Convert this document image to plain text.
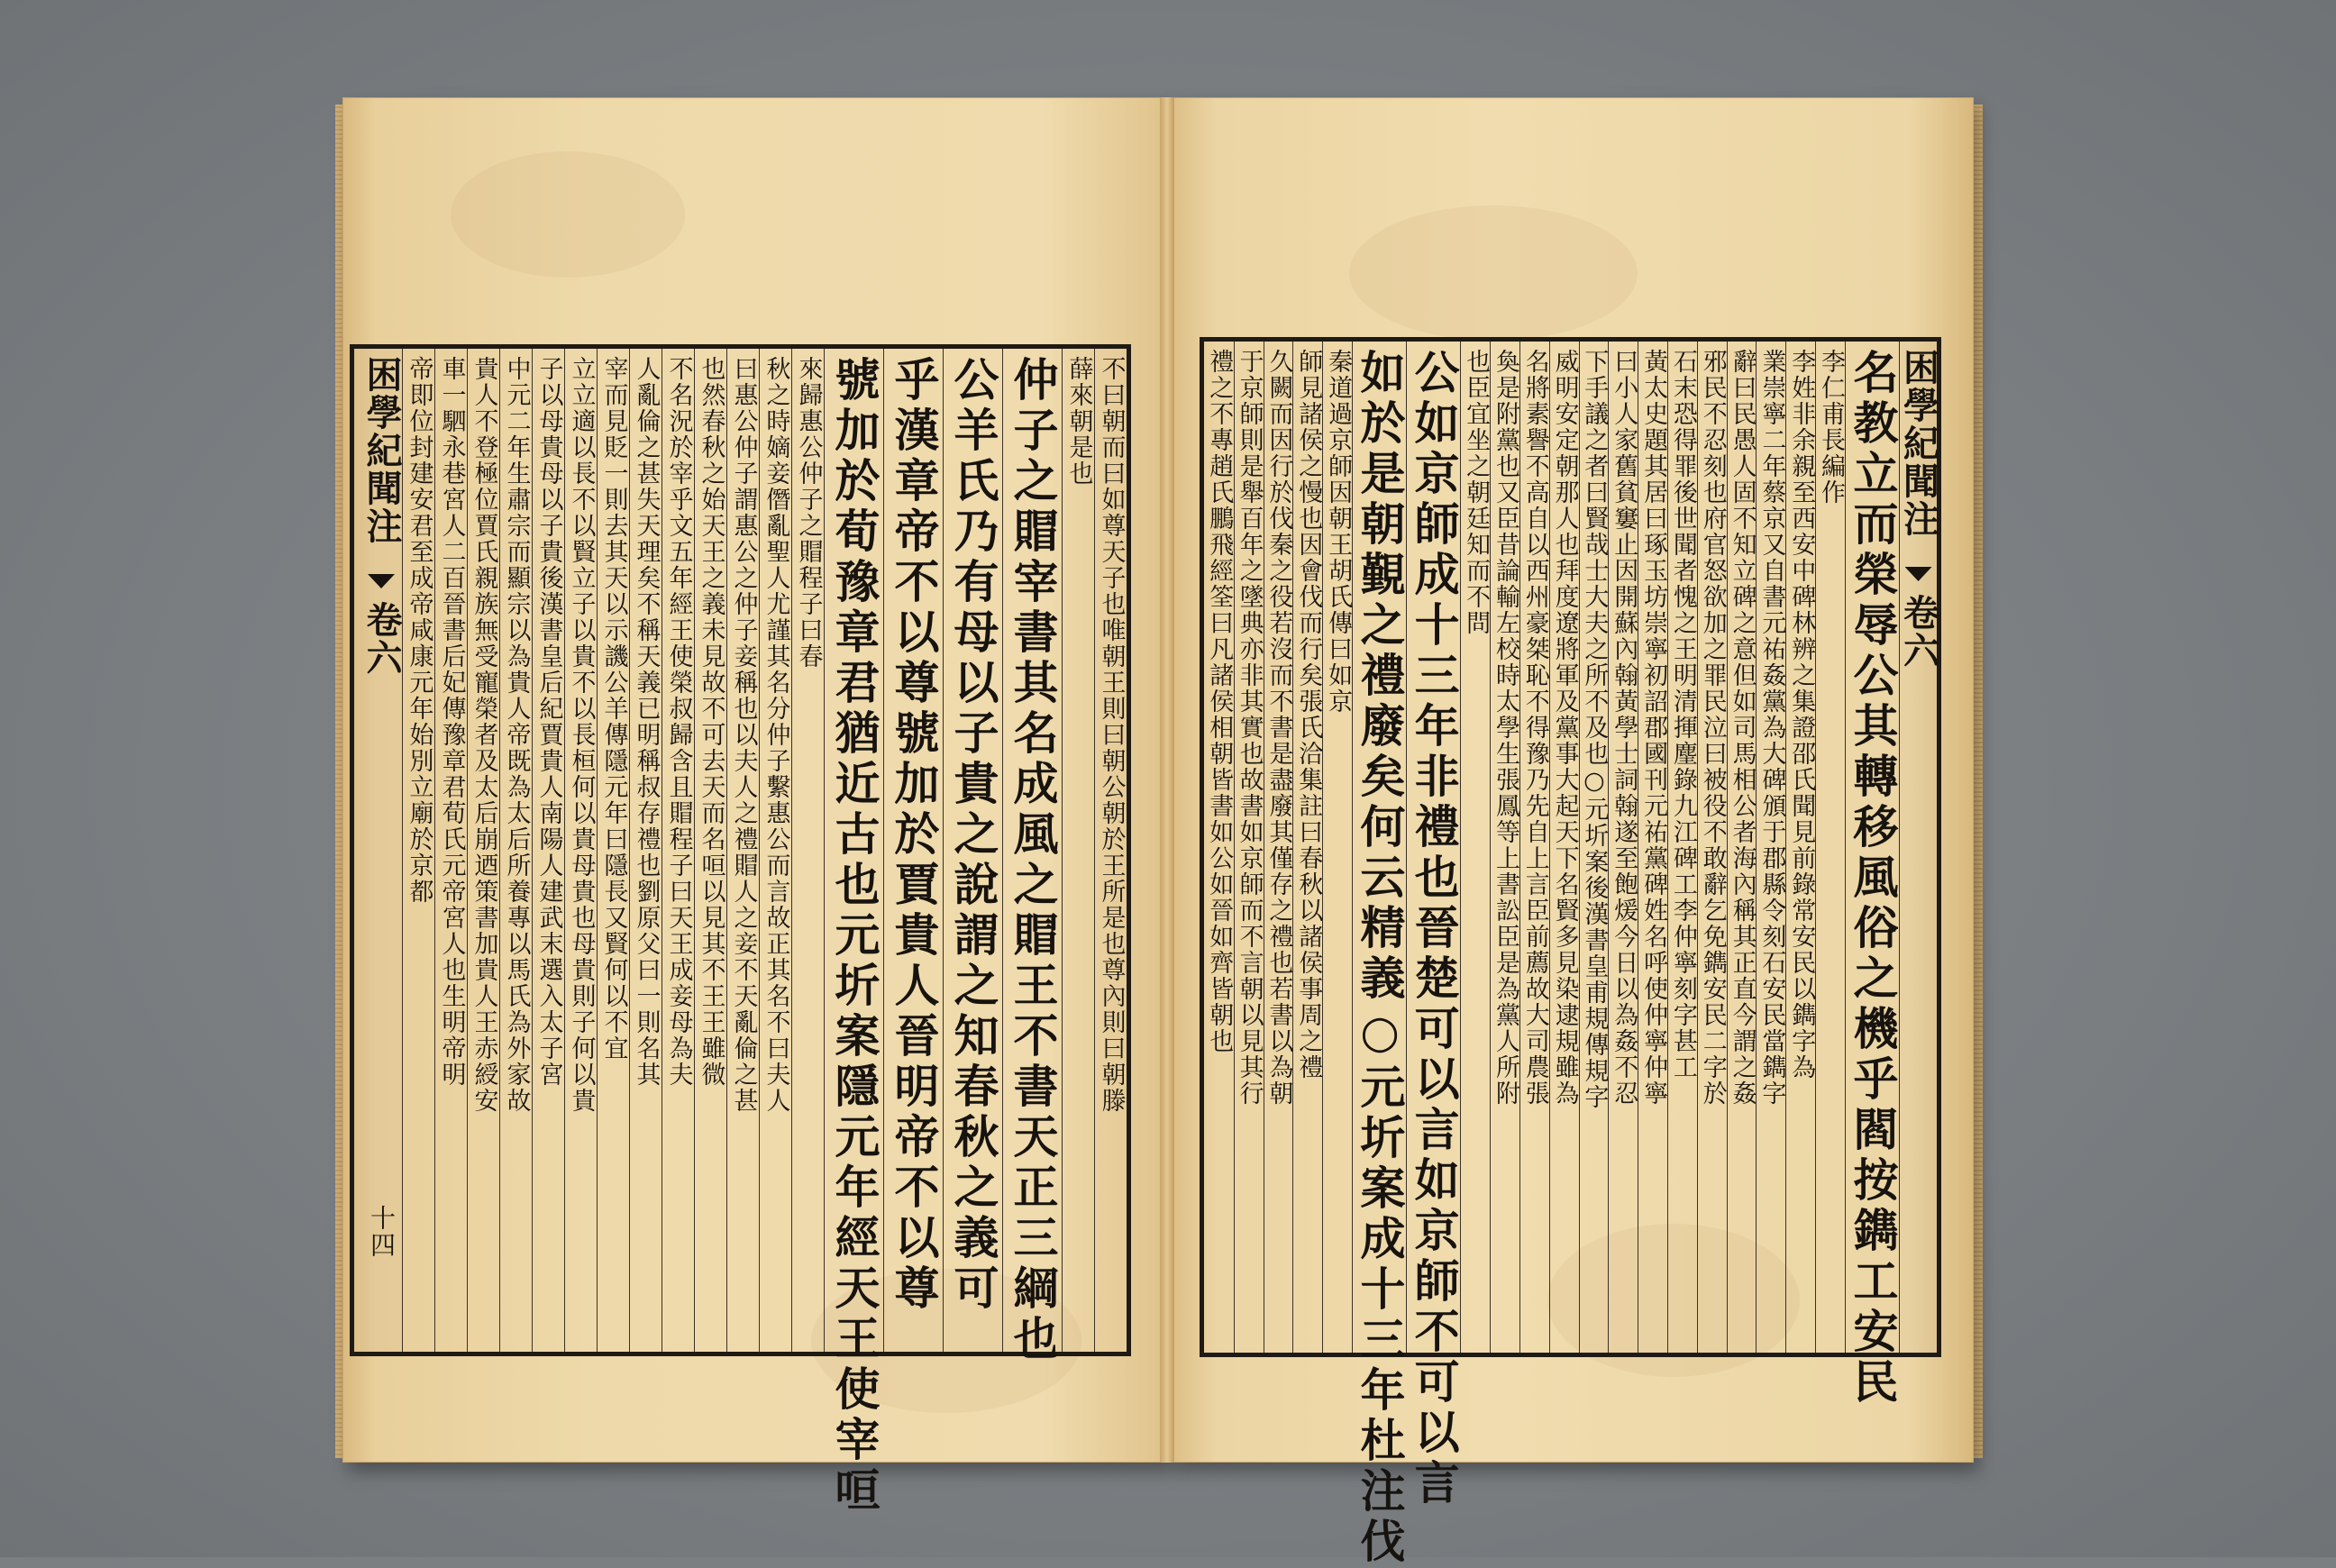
不曰朝而曰如尊天子也唯朝王則曰朝公朝於王所是也尊內則曰朝滕
薛來朝是也
仲子之賵宰書其名成風之賵王不書天正三綱也
公羊氏乃有母以子貴之說謂之知春秋之義可
乎漢章帝不以尊號加於賈貴人晉明帝不以尊
號加於荀豫章君猶近古也元圻案隱元年經天王使宰咺
來歸惠公仲子之賵程子曰春
秋之時嫡妾僭亂聖人尤謹其名分仲子繫惠公而言故正其名不曰夫人
曰惠公仲子謂惠公之仲子妾稱也以夫人之禮賵人之妾不天亂倫之甚
也然春秋之始天王之義未見故不可去天而名咺以見其不王王雖微
不名況於宰乎文五年經王使榮叔歸含且賵程子曰天王成妾母為夫
人亂倫之甚失天理矣不稱天義已明稱叔存禮也劉原父曰一則名其
宰而見貶一則去其天以示譏公羊傳隱元年曰隱長又賢何以不宜
立立適以長不以賢立子以貴不以長桓何以貴母貴也母貴則子何以貴
子以母貴母以子貴後漢書皇后紀賈貴人南陽人建武末選入太子宮
中元二年生肅宗而顯宗以為貴人帝既為太后所養專以馬氏為外家故
貴人不登極位賈氏親族無受寵榮者及太后崩迺策書加貴人王赤綬安
車一駟永巷宮人二百晉書后妃傳豫章君荀氏元帝宮人也生明帝明
帝即位封建安君至成帝咸康元年始別立廟於京都
困學紀聞注
卷六
十四
困學紀聞注
卷六
名教立而榮辱公其轉移風俗之機乎閻按鐫工安民
李仁甫長編作
李姓非余親至西安中碑林辨之集證邵氏聞見前錄常安民以鐫字為
業崇寧二年蔡京又自書元祐姦黨為大碑頒于郡縣令刻石安民當鐫字
辭曰民愚人固不知立碑之意但如司馬相公者海內稱其正直今謂之姦
邪民不忍刻也府官怒欲加之罪民泣曰被役不敢辭乞免鐫安民二字於
石末恐得罪後世聞者愧之王明清揮麈錄九江碑工李仲寧刻字甚工
黃太史題其居曰琢玉坊崇寧初詔郡國刊元祐黨碑姓名呼使仲寧仲寧
曰小人家舊貧窶止因開蘇內翰黃學士詞翰遂至飽煖今日以為姦不忍
下手議之者曰賢哉士大夫之所不及也○元圻案後漢書皇甫規傳規字
威明安定朝那人也拜度遼將軍及黨事大起天下名賢多見染逮規雖為
名將素譽不高自以西州豪桀恥不得豫乃先自上言臣前薦故大司農張
奐是附黨也又臣昔論輸左校時太學生張鳳等上書訟臣是為黨人所附
也臣宜坐之朝廷知而不問
公如京師成十三年非禮也晉楚可以言如京師不可以言
如於是朝覲之禮廢矣何云精義○元圻案成十三年杜注伐
秦道過京師因朝王胡氏傳曰如京
師見諸侯之慢也因會伐而行矣張氏洽集註曰春秋以諸侯事周之禮
久闕而因行於伐秦之役若沒而不書是盡廢其僅存之禮也若書以為朝
于京師則是舉百年之墜典亦非其實也故書如京師而不言朝以見其行
禮之不專趙氏鵬飛經筌曰凡諸侯相朝皆書如公如晉如齊皆朝也
